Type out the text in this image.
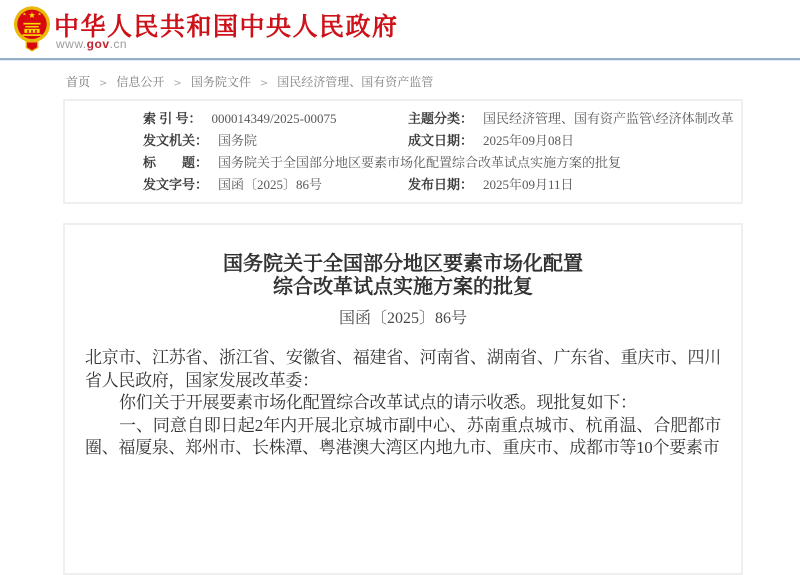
★
★	★ 中华人民共和国中央人民政府
www.gov.cn
首页 > 信息公开 > 国务院文件 > 国民经济管理、国有资产监管
索 引 号： 000014349/2025-00075	主题分类： 国民经济管理、国有资产监管\经济体制改革
发文机关： 国务院	成文日期： 2025年09月08日
标　　题： 国务院关于全国部分地区要素市场化配置综合改革试点实施方案的批复
发文字号： 国函〔2025〕86号	发布日期： 2025年09月11日
国务院关于全国部分地区要素市场化配置
综合改革试点实施方案的批复
国函〔2025〕86号

北京市、江苏省、浙江省、安徽省、福建省、河南省、湖南省、广东省、重庆市、四川省人民政府，国家发展改革委：

你们关于开展要素市场化配置综合改革试点的请示收悉。现批复如下：

一、同意自即日起2年内开展北京城市副中心、苏南重点城市、杭甬温、合肥都市圈、福厦泉、郑州市、长株潭、粤港澳大湾区内地九市、重庆市、成都市等10个要素市
